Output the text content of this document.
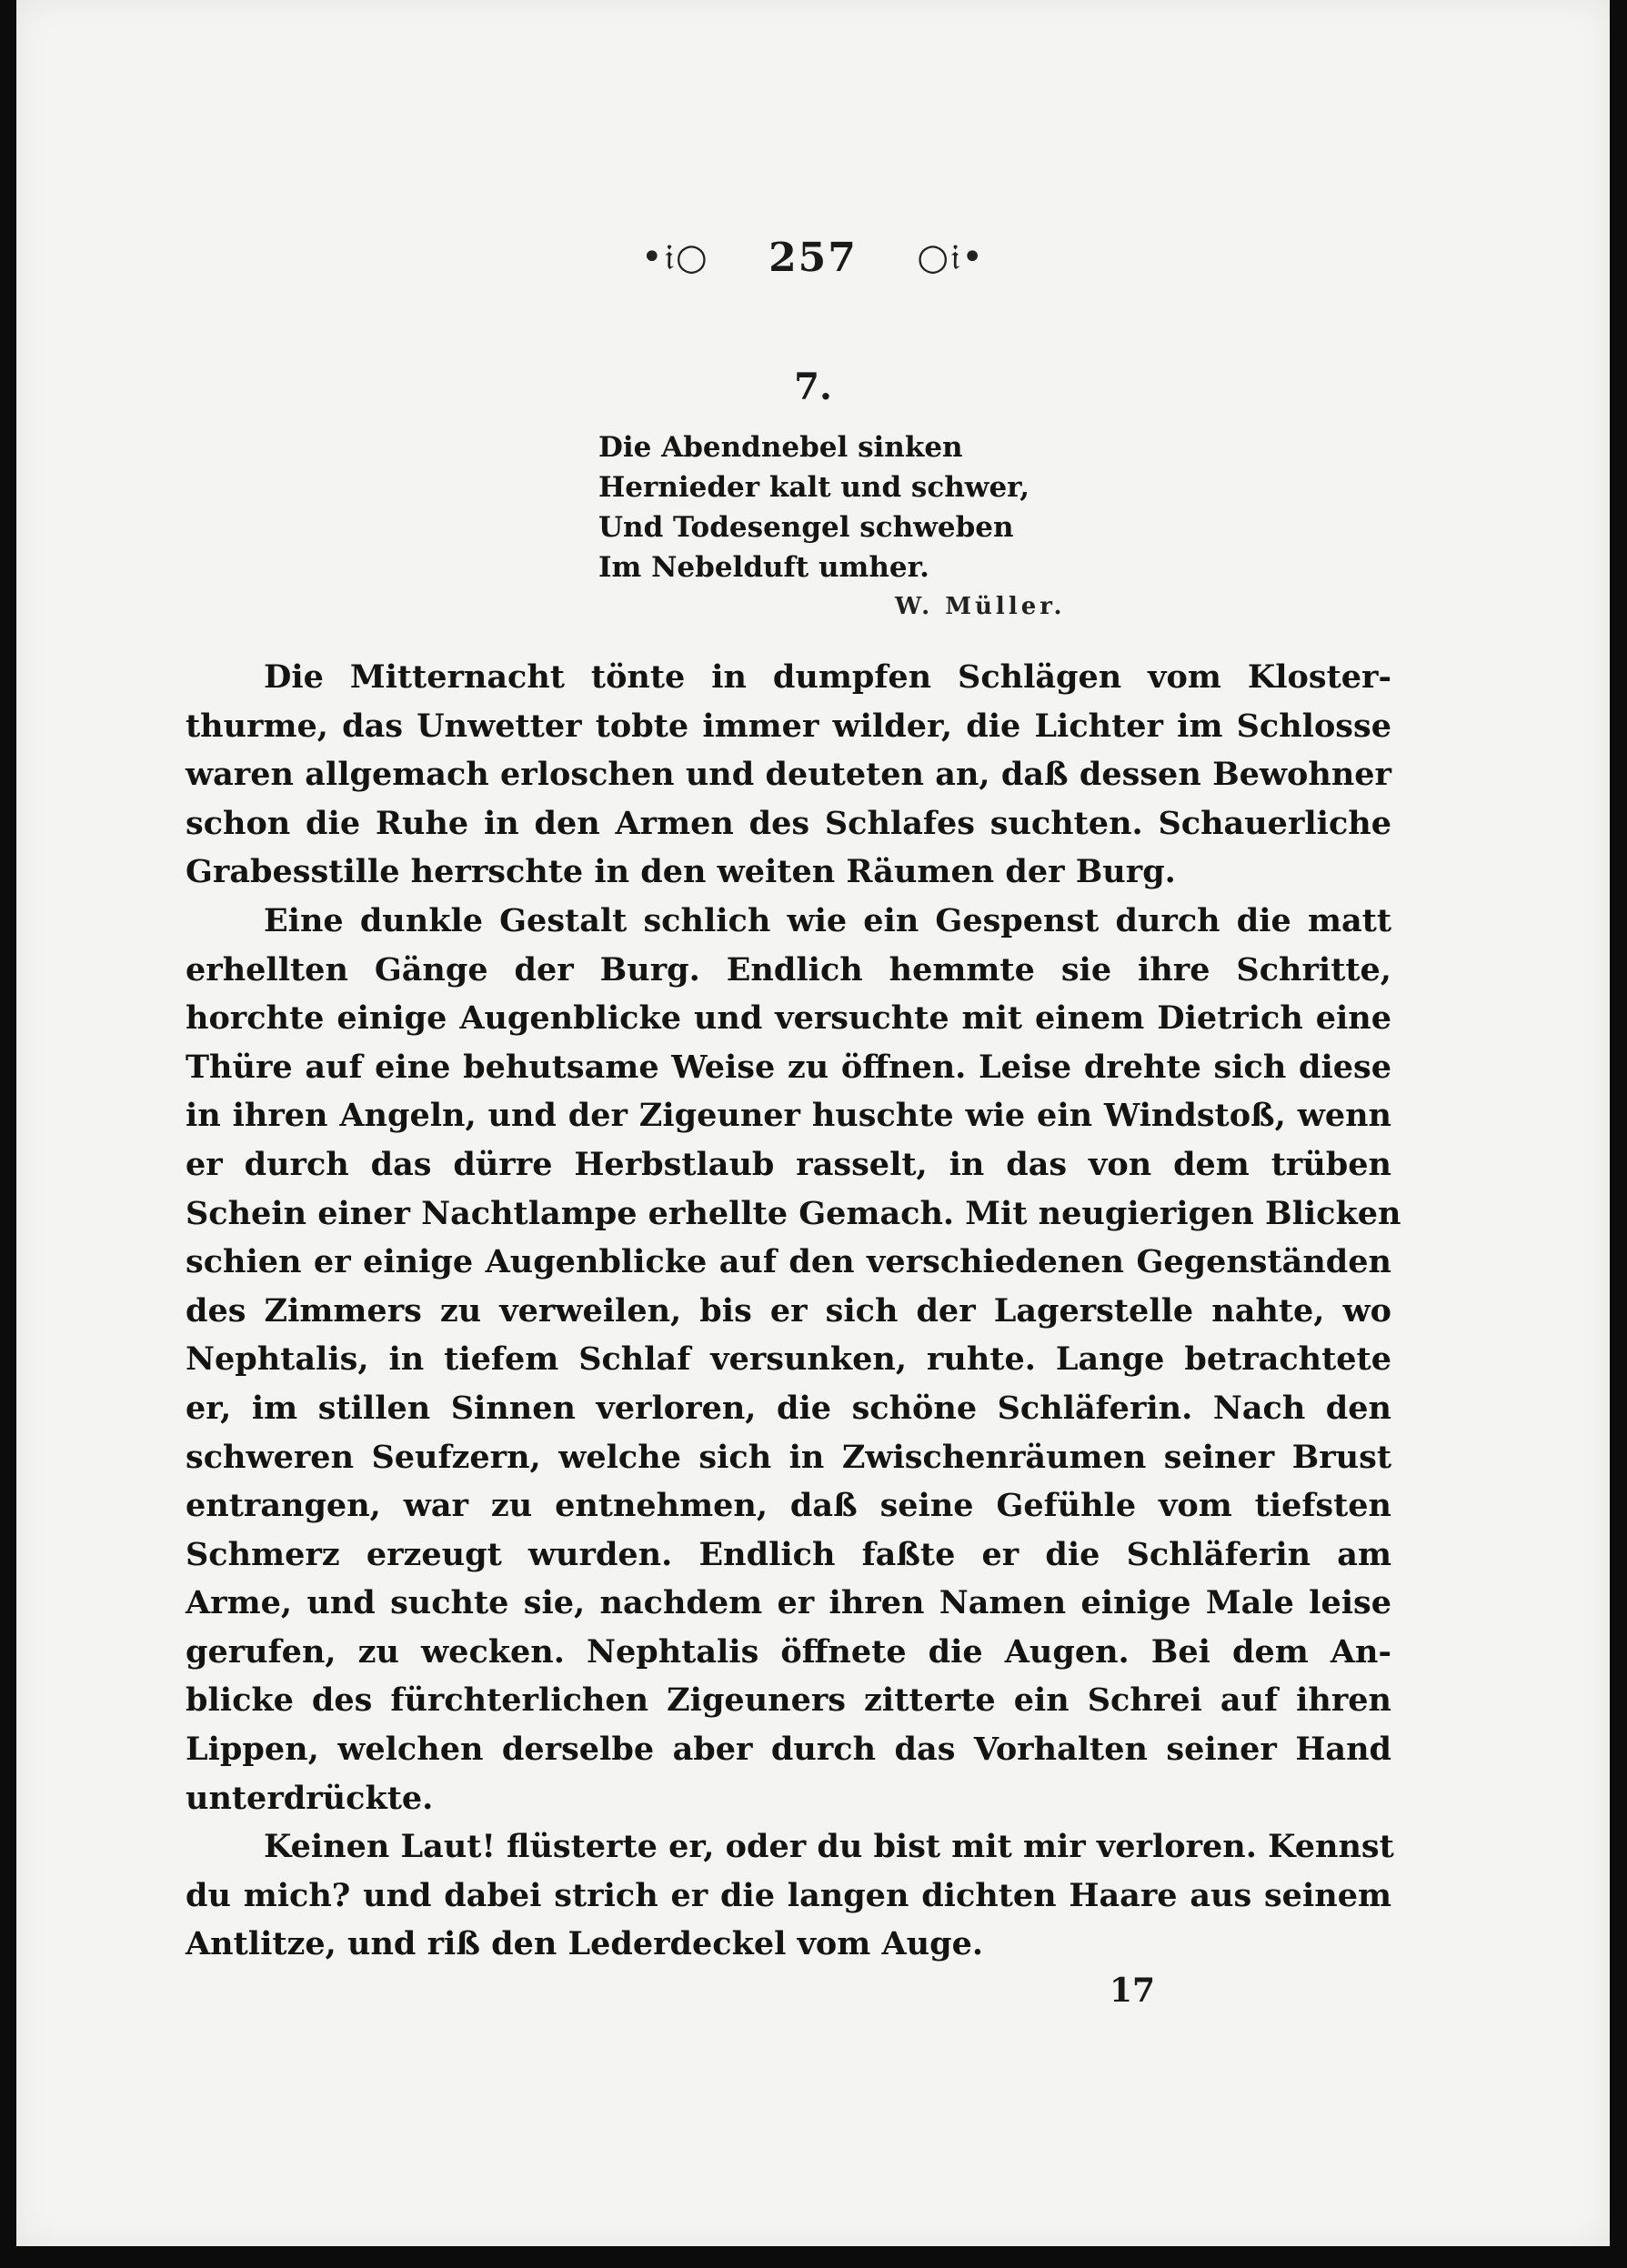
•𝔦○ 257 ○𝔦•
7.
Die Abendnebel sinken
Hernieder kalt und schwer,
Und Todesengel schweben
Im Nebelduft umher.
W. Müller.
Die Mitternacht tönte in dumpfen Schlägen vom Kloster-
thurme, das Unwetter tobte immer wilder, die Lichter im Schlosse
waren allgemach erloschen und deuteten an, daß dessen Bewohner
schon die Ruhe in den Armen des Schlafes suchten. Schauerliche
Grabesstille herrschte in den weiten Räumen der Burg.
Eine dunkle Gestalt schlich wie ein Gespenst durch die matt
erhellten Gänge der Burg. Endlich hemmte sie ihre Schritte,
horchte einige Augenblicke und versuchte mit einem Dietrich eine
Thüre auf eine behutsame Weise zu öffnen. Leise drehte sich diese
in ihren Angeln, und der Zigeuner huschte wie ein Windstoß, wenn
er durch das dürre Herbstlaub rasselt, in das von dem trüben
Schein einer Nachtlampe erhellte Gemach. Mit neugierigen Blicken
schien er einige Augenblicke auf den verschiedenen Gegenständen
des Zimmers zu verweilen, bis er sich der Lagerstelle nahte, wo
Nephtalis, in tiefem Schlaf versunken, ruhte. Lange betrachtete
er, im stillen Sinnen verloren, die schöne Schläferin. Nach den
schweren Seufzern, welche sich in Zwischenräumen seiner Brust
entrangen, war zu entnehmen, daß seine Gefühle vom tiefsten
Schmerz erzeugt wurden. Endlich faßte er die Schläferin am
Arme, und suchte sie, nachdem er ihren Namen einige Male leise
gerufen, zu wecken. Nephtalis öffnete die Augen. Bei dem An-
blicke des fürchterlichen Zigeuners zitterte ein Schrei auf ihren
Lippen, welchen derselbe aber durch das Vorhalten seiner Hand
unterdrückte.
Keinen Laut! flüsterte er, oder du bist mit mir verloren. Kennst
du mich? und dabei strich er die langen dichten Haare aus seinem
Antlitze, und riß den Lederdeckel vom Auge.
17
